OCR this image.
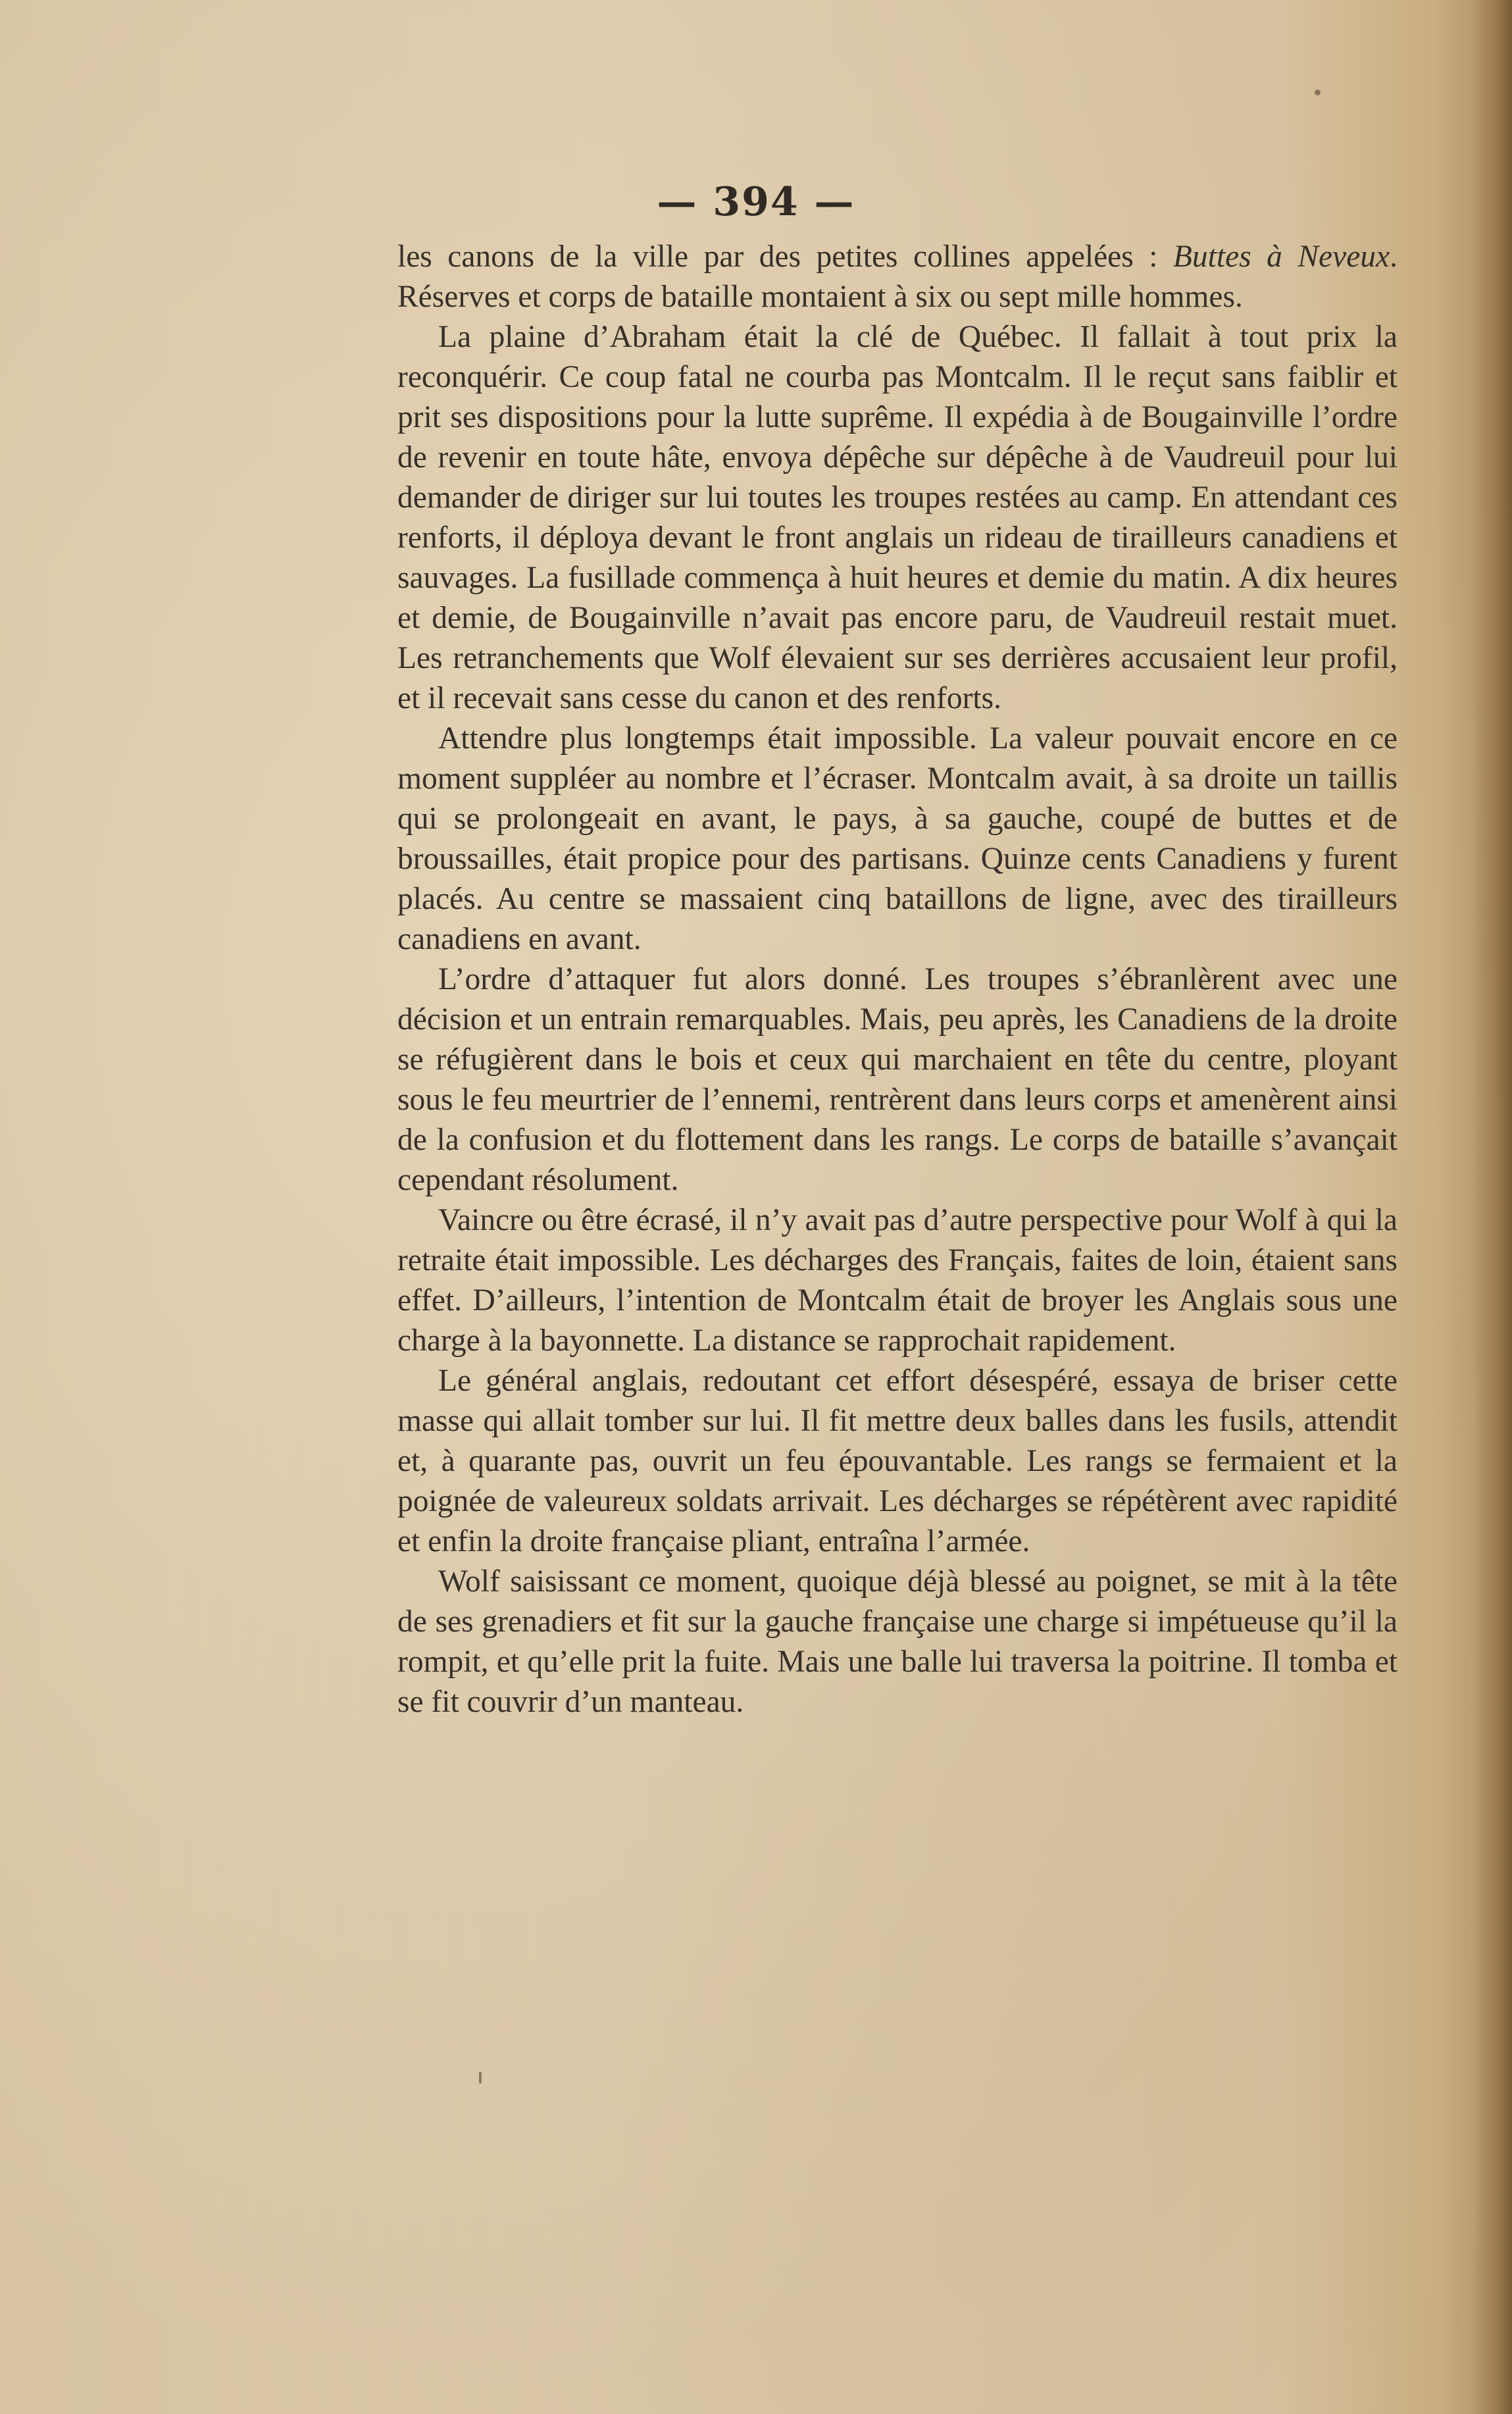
— 394 —

les canons de la ville par des petites collines appelées : Buttes à Neveux. Réserves et corps de bataille montaient à six ou sept mille hommes.

La plaine d’Abraham était la clé de Québec. Il fallait à tout prix la reconquérir. Ce coup fatal ne courba pas Montcalm. Il le reçut sans faiblir et prit ses dispositions pour la lutte suprême. Il expédia à de Bougainville l’ordre de revenir en toute hâte, envoya dépêche sur dépêche à de Vaudreuil pour lui demander de diriger sur lui toutes les troupes restées au camp. En attendant ces renforts, il déploya devant le front anglais un rideau de tirailleurs canadiens et sauvages. La fusillade commença à huit heures et demie du matin. A dix heures et demie, de Bougainville n’avait pas encore paru, de Vaudreuil restait muet. Les retranchements que Wolf élevaient sur ses derrières accusaient leur profil, et il recevait sans cesse du canon et des renforts.

Attendre plus longtemps était impossible. La valeur pouvait encore en ce moment suppléer au nombre et l’écraser. Montcalm avait, à sa droite un taillis qui se prolongeait en avant, le pays, à sa gauche, coupé de buttes et de broussailles, était propice pour des partisans. Quinze cents Canadiens y furent placés. Au centre se massaient cinq bataillons de ligne, avec des tirailleurs canadiens en avant.

L’ordre d’attaquer fut alors donné. Les troupes s’ébranlèrent avec une décision et un entrain remarquables. Mais, peu après, les Canadiens de la droite se réfugièrent dans le bois et ceux qui marchaient en tête du centre, ployant sous le feu meurtrier de l’ennemi, rentrèrent dans leurs corps et amenèrent ainsi de la confusion et du flottement dans les rangs. Le corps de bataille s’avançait cependant résolument.

Vaincre ou être écrasé, il n’y avait pas d’autre perspective pour Wolf à qui la retraite était impossible. Les décharges des Français, faites de loin, étaient sans effet. D’ailleurs, l’intention de Montcalm était de broyer les Anglais sous une charge à la bayonnette. La distance se rapprochait rapidement.

Le général anglais, redoutant cet effort désespéré, essaya de briser cette masse qui allait tomber sur lui. Il fit mettre deux balles dans les fusils, attendit et, à quarante pas, ouvrit un feu épouvantable. Les rangs se fermaient et la poignée de valeureux soldats arrivait. Les décharges se répétèrent avec rapidité et enfin la droite française pliant, entraîna l’armée.

Wolf saisissant ce moment, quoique déjà blessé au poignet, se mit à la tête de ses grenadiers et fit sur la gauche française une charge si impétueuse qu’il la rompit, et qu’elle prit la fuite. Mais une balle lui traversa la poitrine. Il tomba et se fit couvrir d’un manteau.
